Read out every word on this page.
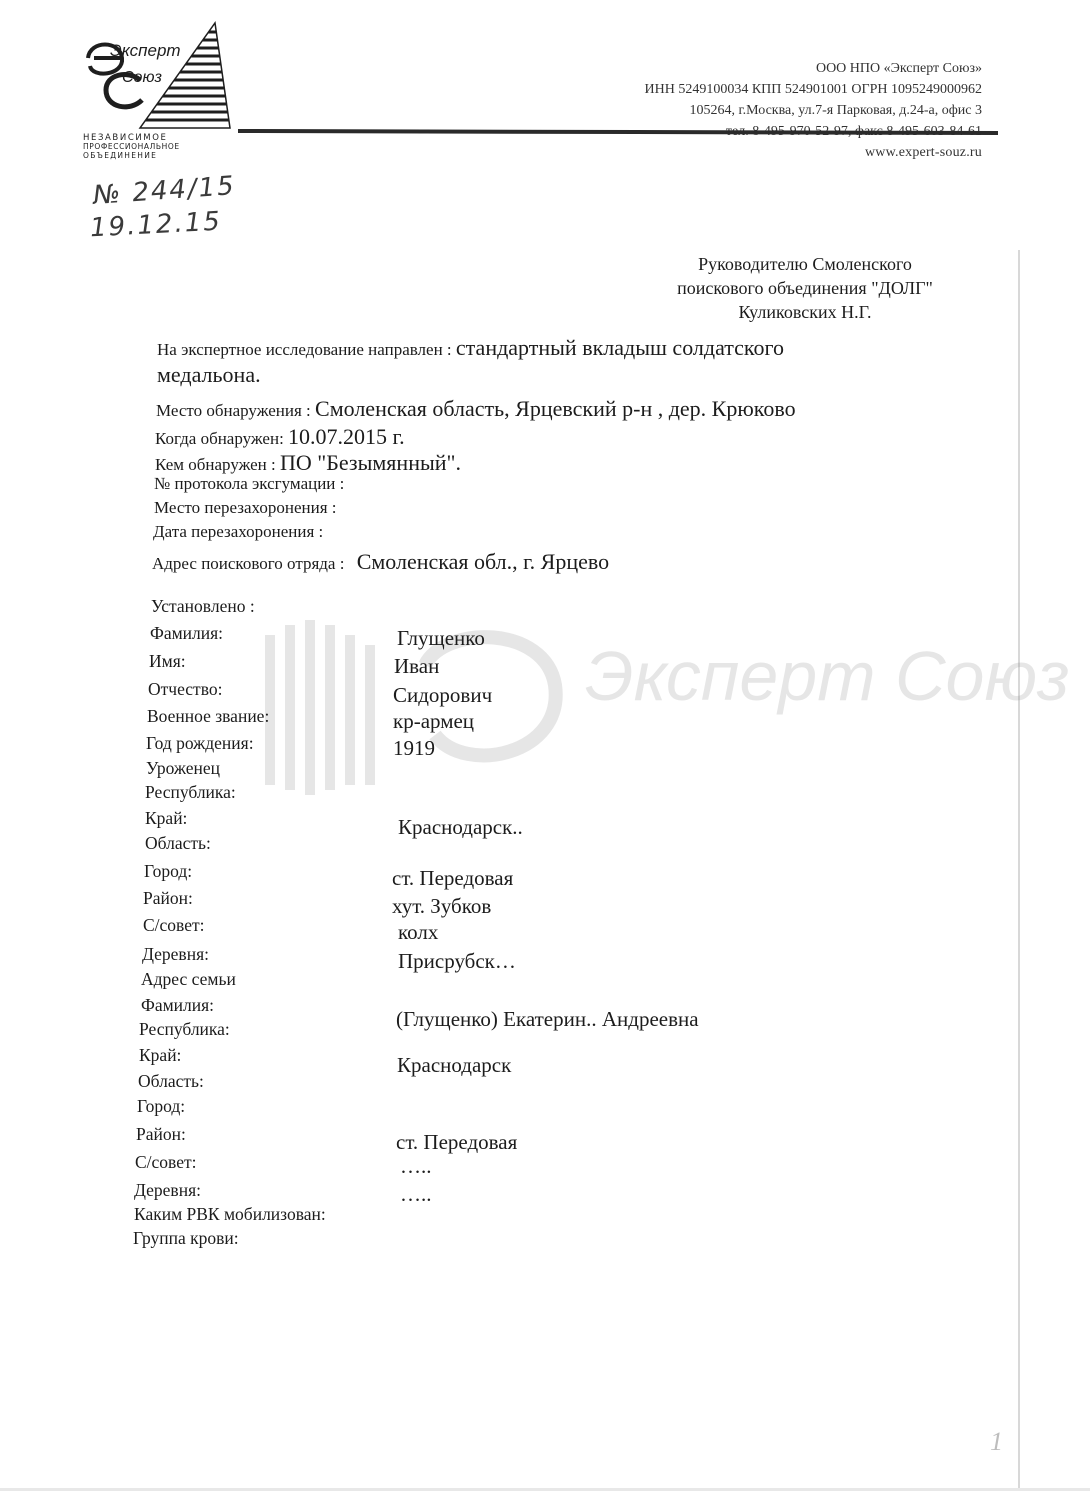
Эксперт
Союз
НЕЗАВИСИМОЕ
ПРОФЕССИОНАЛЬНОЕ
ОБЪЕДИНЕНИЕ
ООО НПО «Эксперт Союз»
ИНН 5249100034 КПП 524901001 ОГРН 1095249000962
105264, г.Москва, ул.7-я Парковая, д.24-а, офис 3
www.expert-souz.ru
№ 244/15
19.12.15
Руководителю Смоленского
поискового объединения "ДОЛГ"
Куликовских Н.Г.
На экспертное исследование направлен : стандартный вкладыш солдатского
медальона.
Место обнаружения : Смоленская область, Ярцевский р-н , дер. Крюково
Когда обнаружен: 10.07.2015 г.
Кем обнаружен : ПО "Безымянный".
№ протокола эксгумации :
Место перезахоронения :
Дата перезахоронения :
Адрес поискового отряда : Смоленская обл., г. Ярцево
Эксперт Союз
Установлено :
Фамилия:	Глущенко
Имя:	Иван
Отчество:	Сидорович
Военное звание:	кр-армец
Год рождения:	1919
Уроженец
Республика:
Край:	Краснодарск..
Область:
Город:	ст. Передовая
Район:	хут. Зубков
С/совет:	колх
Деревня:	Присрубск…
Адрес семьи
Фамилия:
(Глущенко) Екатерин.. Андреевна
Республика:
Край:	Краснодарск
Область:
Город:
Район:	ст. Передовая
С/совет:	…..
Деревня:	…..
Каким РВК мобилизован:
Группа крови:
1
